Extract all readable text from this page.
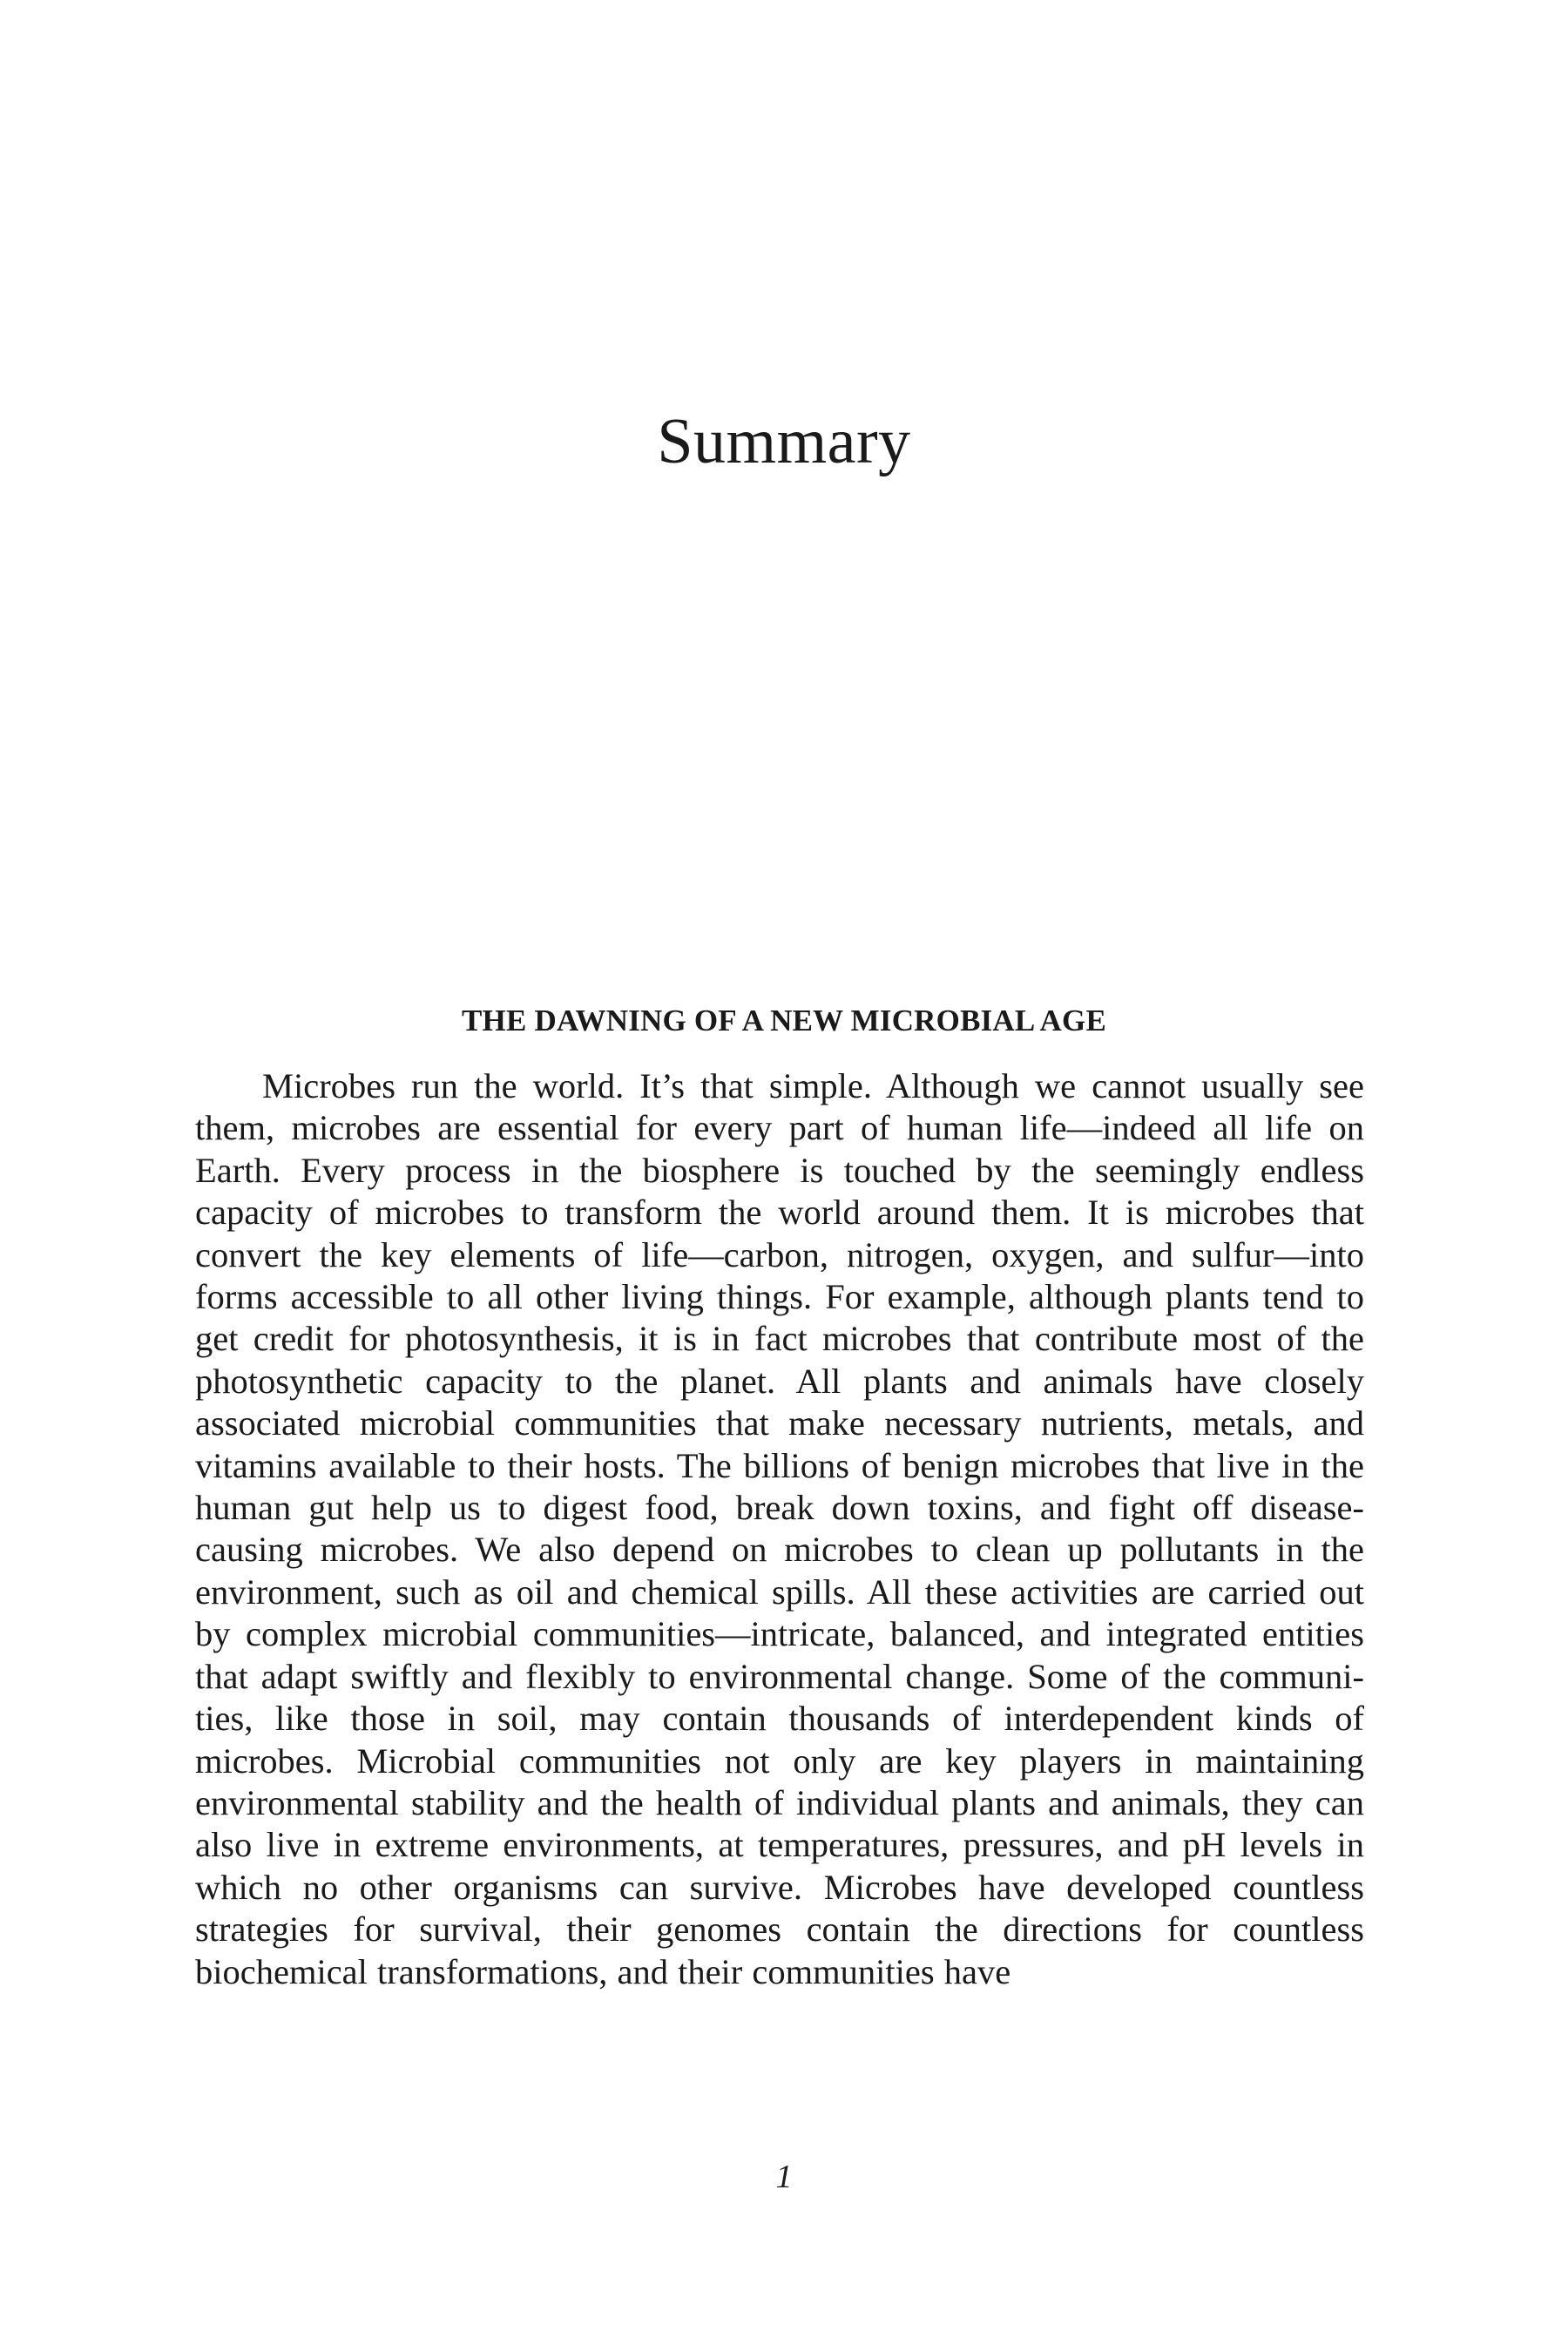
Summary
THE DAWNING OF A NEW MICROBIAL AGE

Microbes run the world. It’s that simple. Although we cannot usually see them, microbes are essential for every part of human life—indeed all life on Earth. Every process in the biosphere is touched by the seemingly endless capacity of microbes to transform the world around them. It is microbes that convert the key elements of life—carbon, nitrogen, oxygen, and sulfur—into forms accessible to all other living things. For example, although plants tend to get credit for photosynthesis, it is in fact microbes that contribute most of the photosynthetic capacity to the planet. All plants and animals have closely associated microbial communities that make necessary nutrients, metals, and vitamins available to their hosts. The billions of benign microbes that live in the human gut help us to digest food, break down toxins, and fight off disease-causing microbes. We also depend on microbes to clean up pollutants in the environment, such as oil and chemical spills. All these activities are carried out by complex microbial communities—intricate, balanced, and integrated entities that adapt swiftly and flexibly to environmental change. Some of the communities, like those in soil, may contain thousands of interdependent kinds of microbes. Microbial communities not only are key players in maintaining environmental stability and the health of individual plants and animals, they can also live in extreme environments, at temperatures, pressures, and pH levels in which no other organisms can survive. Microbes have developed countless strategies for survival, their genomes contain the directions for countless biochemical transformations, and their communities have

1
